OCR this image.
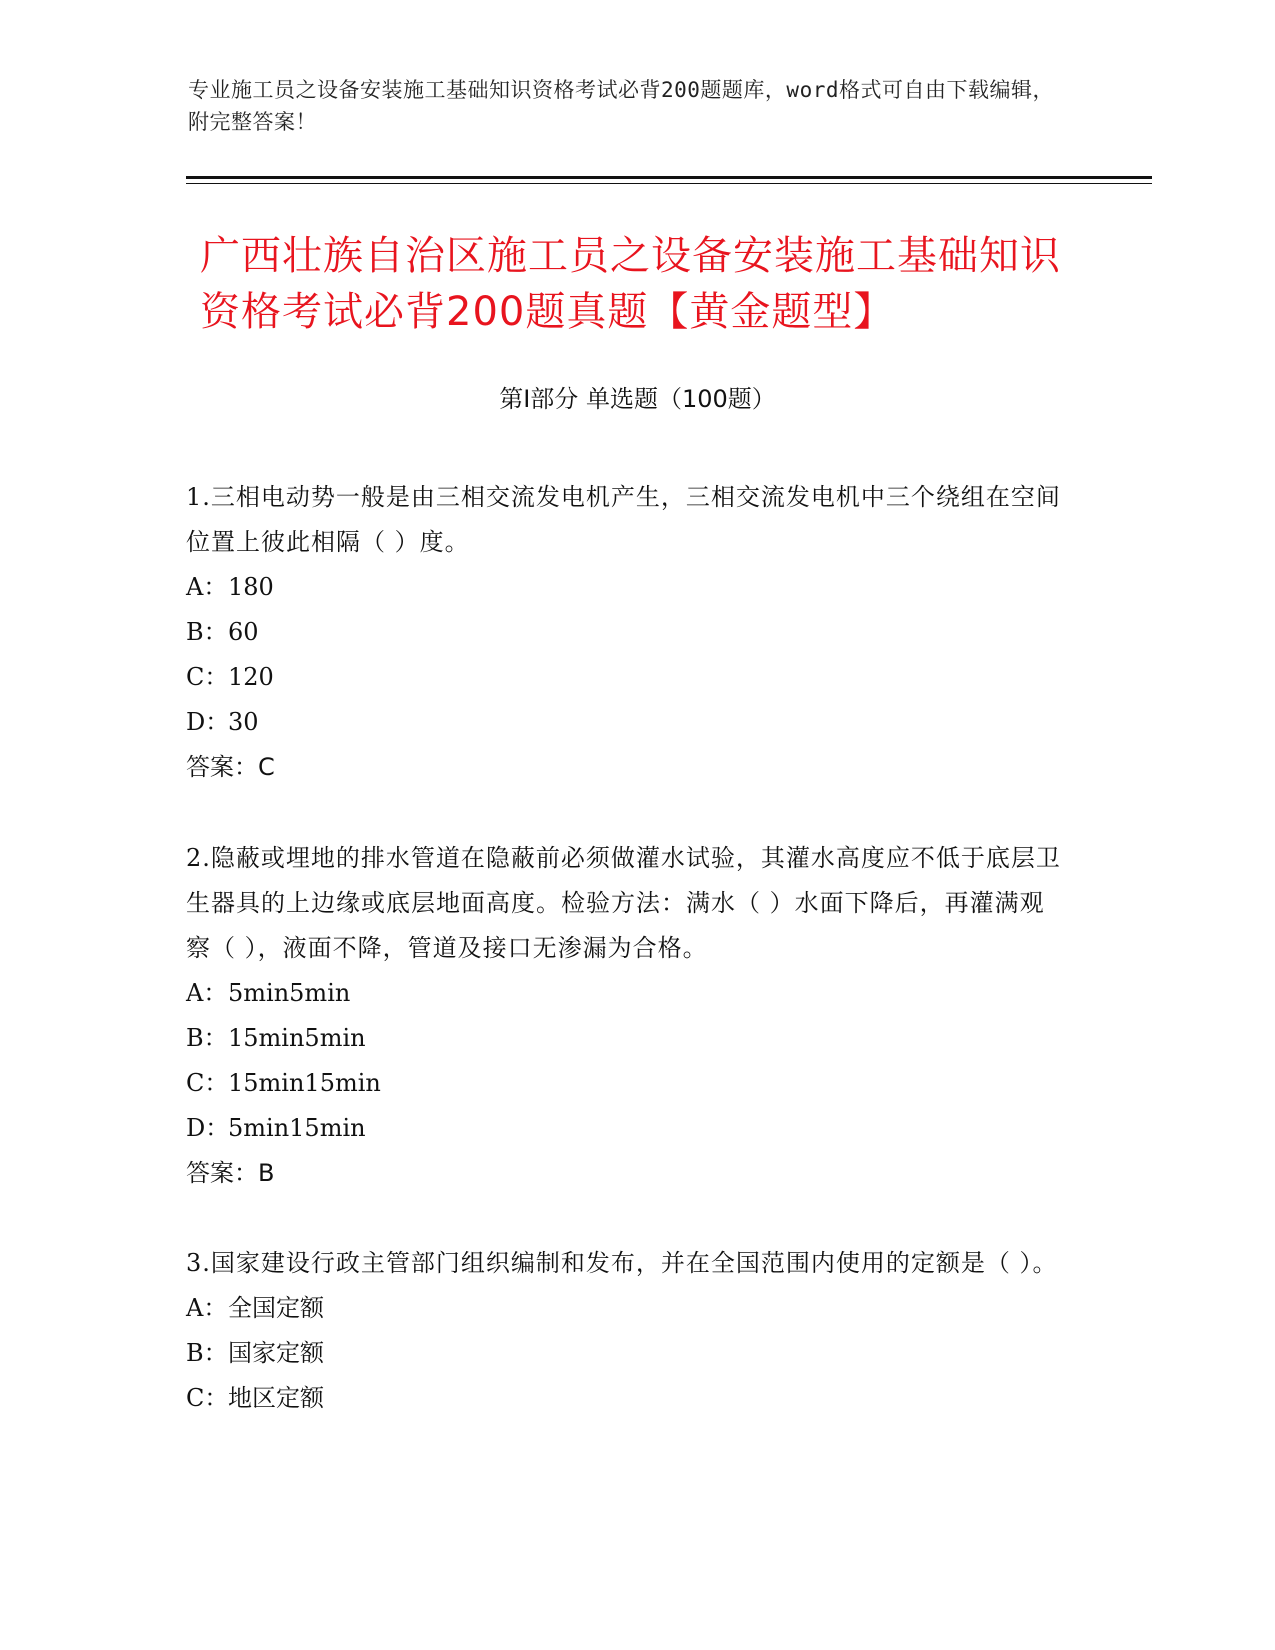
专业施工员之设备安装施工基础知识资格考试必背200题题库，word格式可自由下载编辑，附完整答案！
广西壮族自治区施工员之设备安装施工基础知识资格考试必背200题真题【黄金题型】
第Ⅰ部分 单选题（100题）
1.三相电动势一般是由三相交流发电机产生，三相交流发电机中三个绕组在空间位置上彼此相隔（ ）度。
A：180
B：60
C：120
D：30
答案：C
2.隐蔽或埋地的排水管道在隐蔽前必须做灌水试验，其灌水高度应不低于底层卫生器具的上边缘或底层地面高度。检验方法：满水（ ）水面下降后，再灌满观察（ ），液面不降，管道及接口无渗漏为合格。
A：5min5min
B：15min5min
C：15min15min
D：5min15min
答案：B
3.国家建设行政主管部门组织编制和发布，并在全国范围内使用的定额是（ ）。
A：全国定额
B：国家定额
C：地区定额
